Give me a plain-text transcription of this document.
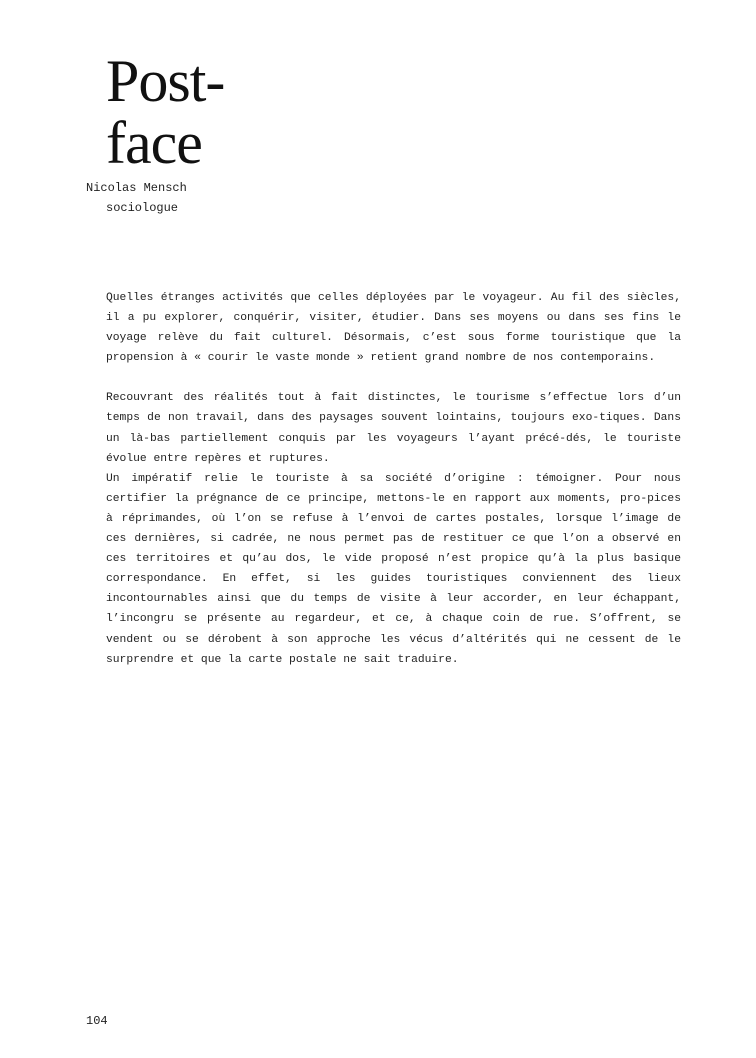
Post-
face
Nicolas Mensch
sociologue

Quelles étranges activités que celles déployées par le voyageur. Au fil des siècles, il a pu explorer, conquérir, visiter, étudier. Dans ses moyens ou dans ses fins le voyage relève du fait culturel. Désormais, c’est sous forme touristique que la propension à « courir le vaste monde » retient grand nombre de nos contemporains.

Recouvrant des réalités tout à fait distinctes, le tourisme s’effectue lors d’un temps de non travail, dans des paysages souvent lointains, toujours exo-tiques. Dans un là-bas partiellement conquis par les voyageurs l’ayant précé-dés, le touriste évolue entre repères et ruptures.

Un impératif relie le touriste à sa société d’origine : témoigner. Pour nous certifier la prégnance de ce principe, mettons-le en rapport aux moments, pro-pices à réprimandes, où l’on se refuse à l’envoi de cartes postales, lorsque l’image de ces dernières, si cadrée, ne nous permet pas de restituer ce que l’on a observé en ces territoires et qu’au dos, le vide proposé n’est propice qu’à la plus basique correspondance. En effet, si les guides touristiques conviennent des lieux incontournables ainsi que du temps de visite à leur accorder, en leur échappant, l’incongru se présente au regardeur, et ce, à chaque coin de rue. S’offrent, se vendent ou se dérobent à son approche les vécus d’altérités qui ne cessent de le surprendre et que la carte postale ne sait traduire.

104
